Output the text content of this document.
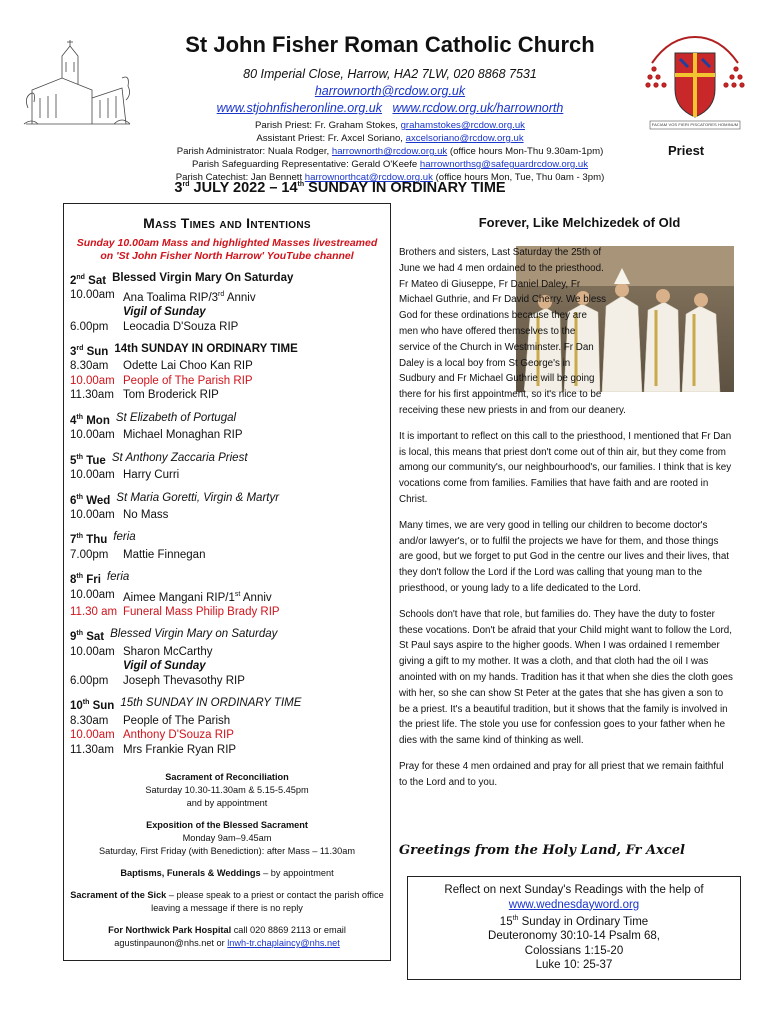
FACIAM VOS FIERI PISCATORES HOMINUM
St John Fisher Roman Catholic Church
80 Imperial Close, Harrow, HA2 7LW, 020 8868 7531
harrownorth@rcdow.org.uk
www.stjohnfisheronline.org.uk www.rcdow.org.uk/harrownorth
Parish Priest: Fr. Graham Stokes, grahamstokes@rcdow.org.uk
Assistant Priest: Fr. Axcel Soriano, axcelsoriano@rcdow.org.uk
Parish Administrator: Nuala Rodger, harrownorth@rcdow.org.uk (office hours Mon-Thu 9.30am-1pm)
Parish Safeguarding Representative: Gerald O'Keefe harrownorthsg@safeguardrcdow.org.uk
Parish Catechist: Jan Bennett harrownorthcat@rcdow.org.uk (office hours Mon, Tue, Thu 0am - 3pm)
Priest
3rd JULY 2022 – 14th SUNDAY IN ORDINARY TIME
Mass Times and Intentions
Sunday 10.00am Mass and highlighted Masses livestreamed on 'St John Fisher North Harrow' YouTube channel
2nd Sat Blessed Virgin Mary On Saturday
10.00am Ana Toalima RIP/3rd Anniv
Vigil of Sunday
6.00pm	Leocadia D'Souza RIP
3rd Sun 14th SUNDAY IN ORDINARY TIME
8.30am	Odette Lai Choo Kan RIP
10.00am People of The Parish RIP
11.30am Tom Broderick RIP
4th Mon St Elizabeth of Portugal
10.00am Michael Monaghan RIP
5th Tue St Anthony Zaccaria Priest
10.00am Harry Curri
6th Wed St Maria Goretti, Virgin & Martyr
10.00am No Mass
7th Thu feria
7.00pm	Mattie Finnegan
8th Fri feria
10.00am Aimee Mangani RIP/1st Anniv
11.30 am Funeral Mass Philip Brady RIP
9th Sat Blessed Virgin Mary on Saturday
10.00am Sharon McCarthy
Vigil of Sunday
6.00pm	Joseph Thevasothy RIP
10th Sun 15th SUNDAY IN ORDINARY TIME
8.30am	People of The Parish
10.00am Anthony D'Souza RIP
11.30am Mrs Frankie Ryan RIP
Sacrament of Reconciliation
Saturday 10.30-11.30am & 5.15-5.45pm
and by appointment
Exposition of the Blessed Sacrament
Monday 9am–9.45am
Saturday, First Friday (with Benediction): after Mass – 11.30am
Baptisms, Funerals & Weddings – by appointment
Sacrament of the Sick – please speak to a priest or contact the parish office leaving a message if there is no reply
For Northwick Park Hospital call 020 8869 2113 or email agustinpaunon@nhs.net or lnwh-tr.chaplaincy@nhs.net
Forever, Like Melchizedek of Old

Brothers and sisters, Last Saturday the 25th of June we had 4 men ordained to the priesthood. Fr Mateo di Giuseppe, Fr Daniel Daley, Fr Michael Guthrie, and Fr David Cherry. We bless God for these ordinations because they are men who have offered themselves to the service of the Church in Westminster. Fr Dan Daley is a local boy from St George's in Sudbury and Fr Michael Guthrie will be going there for his first appointment, so it's nice to be receiving these new priests in and from our deanery.

It is important to reflect on this call to the priesthood, I mentioned that Fr Dan is local, this means that priest don't come out of thin air, but they come from among our community's, our neighbourhood's, our families. I think that is key vocations come from families. Families that have faith and are rooted in Christ.

Many times, we are very good in telling our children to become doctor's and/or lawyer's, or to fulfil the projects we have for them, and those things are good, but we forget to put God in the centre our lives and their lives, that they don't follow the Lord if the Lord was calling that young man to the priesthood, or young lady to a life dedicated to the Lord.

Schools don't have that role, but families do. They have the duty to foster these vocations. Don't be afraid that your Child might want to follow the Lord, St Paul says aspire to the higher goods. When I was ordained I remember giving a gift to my mother. It was a cloth, and that cloth had the oil I was anointed with on my hands. Tradition has it that when she dies the cloth goes with her, so she can show St Peter at the gates that she has given a son to be a priest. It's a beautiful tradition, but it shows that the family is involved in the priest life. The stole you use for confession goes to your father when he dies with the same kind of thinking as well.

Pray for these 4 men ordained and pray for all priest that we remain faithful to the Lord and to you.

Greetings from the Holy Land, Fr Axcel
Reflect on next Sunday's Readings with the help of
www.wednesdayword.org
15th Sunday in Ordinary Time
Deuteronomy 30:10-14 Psalm 68,
Colossians 1:15-20
Luke 10: 25-37
